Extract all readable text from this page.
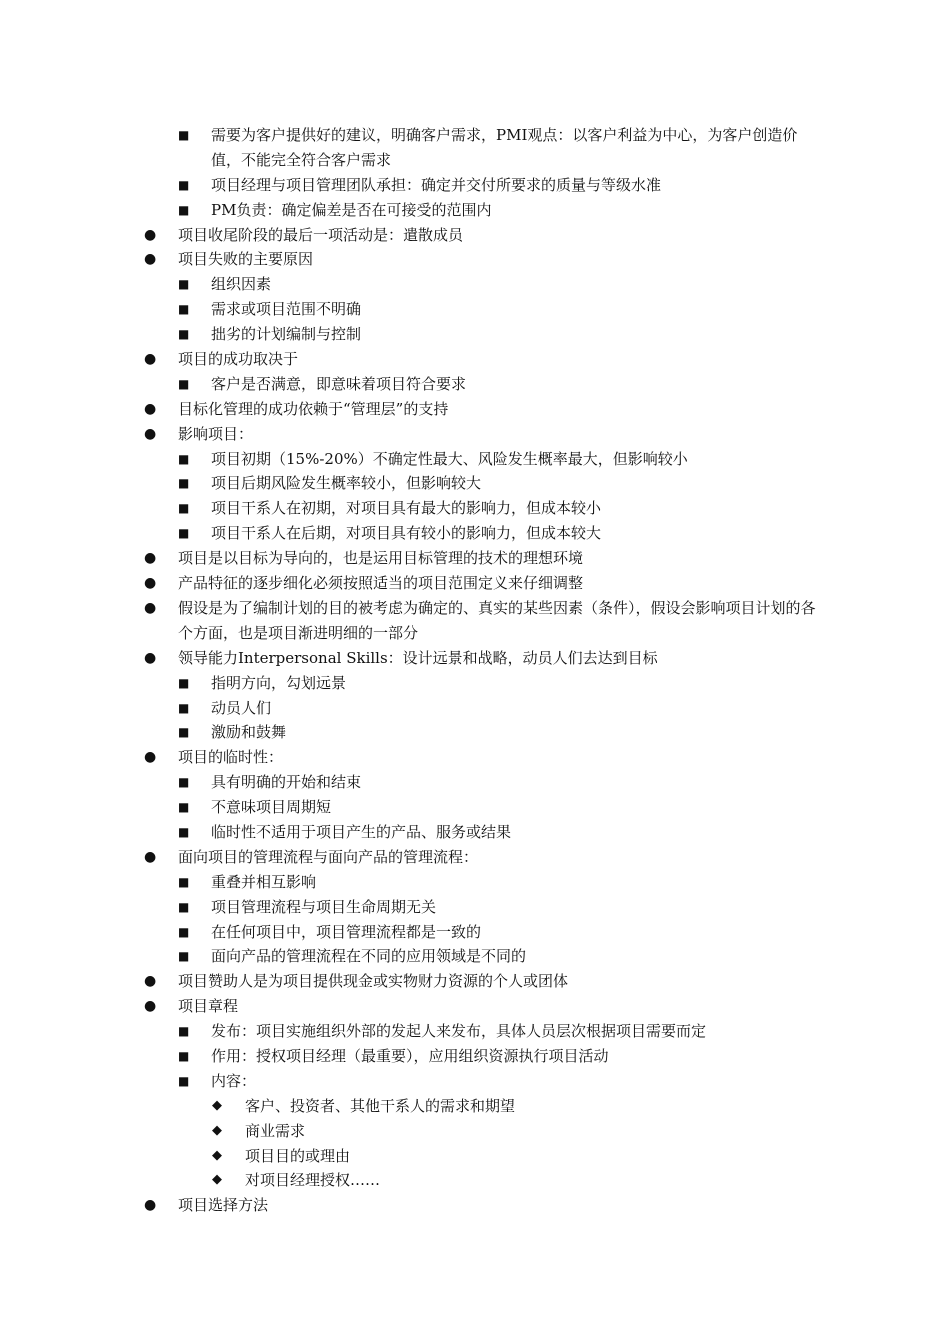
■ 需要为客户提供好的建议，明确客户需求，PMI观点：以客户利益为中心，为客户创造价值，不能完全符合客户需求
■ 项目经理与项目管理团队承担：确定并交付所要求的质量与等级水准
■ PM负责：确定偏差是否在可接受的范围内
● 项目收尾阶段的最后一项活动是：遣散成员
● 项目失败的主要原因
■ 组织因素
■ 需求或项目范围不明确
■ 拙劣的计划编制与控制
● 项目的成功取决于
■ 客户是否满意，即意味着项目符合要求
● 目标化管理的成功依赖于“管理层”的支持
● 影响项目：
■ 项目初期（15%-20%）不确定性最大、风险发生概率最大，但影响较小
■ 项目后期风险发生概率较小，但影响较大
■ 项目干系人在初期，对项目具有最大的影响力，但成本较小
■ 项目干系人在后期，对项目具有较小的影响力，但成本较大
● 项目是以目标为导向的，也是运用目标管理的技术的理想环境
● 产品特征的逐步细化必须按照适当的项目范围定义来仔细调整
● 假设是为了编制计划的目的被考虑为确定的、真实的某些因素（条件），假设会影响项目计划的各个方面，也是项目渐进明细的一部分
● 领导能力Interpersonal Skills：设计远景和战略，动员人们去达到目标
■ 指明方向，勾划远景
■ 动员人们
■ 激励和鼓舞
● 项目的临时性：
■ 具有明确的开始和结束
■ 不意味项目周期短
■ 临时性不适用于项目产生的产品、服务或结果
● 面向项目的管理流程与面向产品的管理流程：
■ 重叠并相互影响
■ 项目管理流程与项目生命周期无关
■ 在任何项目中，项目管理流程都是一致的
■ 面向产品的管理流程在不同的应用领域是不同的
● 项目赞助人是为项目提供现金或实物财力资源的个人或团体
● 项目章程
■ 发布：项目实施组织外部的发起人来发布，具体人员层次根据项目需要而定
■ 作用：授权项目经理（最重要），应用组织资源执行项目活动
■ 内容：
◆ 客户、投资者、其他干系人的需求和期望
◆ 商业需求
◆ 项目目的或理由
◆ 对项目经理授权……
● 项目选择方法
